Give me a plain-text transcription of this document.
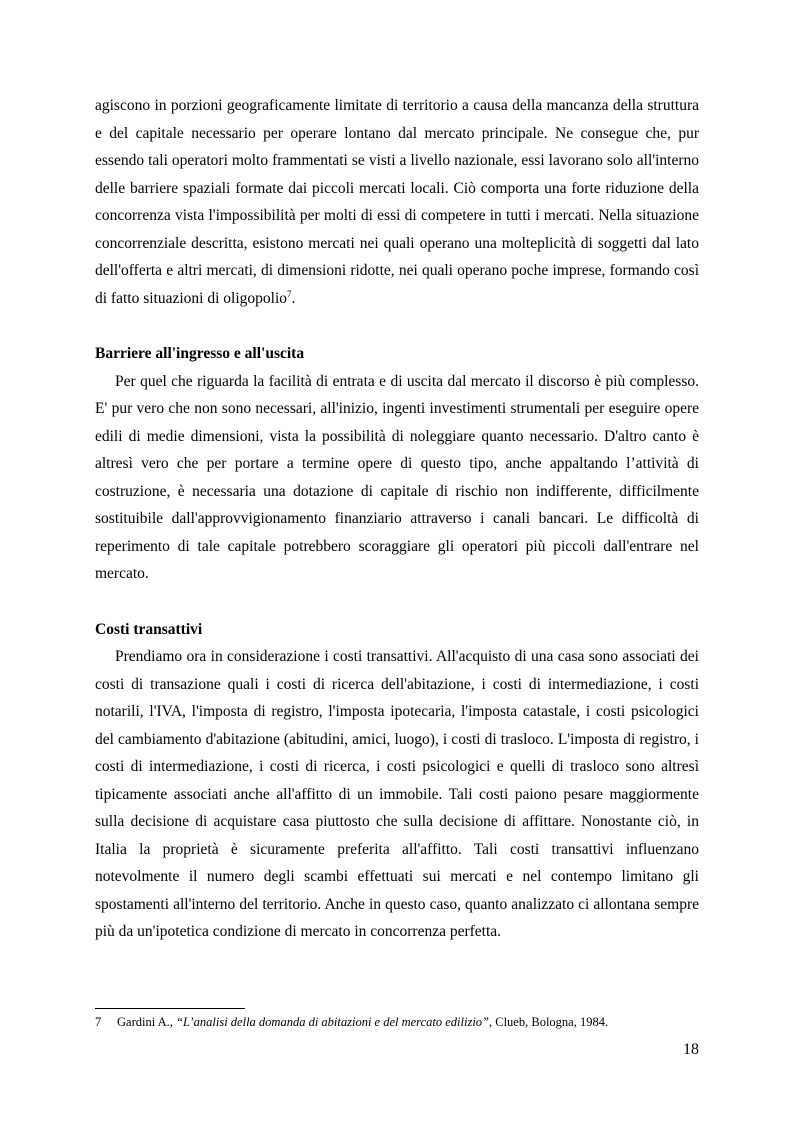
agiscono in porzioni geograficamente limitate di territorio a causa della mancanza della struttura e del capitale necessario per operare lontano dal mercato principale. Ne consegue che, pur essendo tali operatori molto frammentati se visti a livello nazionale, essi lavorano solo all'interno delle barriere spaziali formate dai piccoli mercati locali. Ciò comporta una forte riduzione della concorrenza vista l'impossibilità per molti di essi di competere in tutti i mercati. Nella situazione concorrenziale descritta, esistono mercati nei quali operano una molteplicità di soggetti dal lato dell'offerta e altri mercati, di dimensioni ridotte, nei quali operano poche imprese, formando così di fatto situazioni di oligopolio$^7$.

Barriere all'ingresso e all'uscita

Per quel che riguarda la facilità di entrata e di uscita dal mercato il discorso è più complesso. E' pur vero che non sono necessari, all'inizio, ingenti investimenti strumentali per eseguire opere edili di medie dimensioni, vista la possibilità di noleggiare quanto necessario. D'altro canto è altresì vero che per portare a termine opere di questo tipo, anche appaltando l’attività di costruzione, è necessaria una dotazione di capitale di rischio non indifferente, difficilmente sostituibile dall'approvvigionamento finanziario attraverso i canali bancari. Le difficoltà di reperimento di tale capitale potrebbero scoraggiare gli operatori più piccoli dall'entrare nel mercato.

Costi transattivi

Prendiamo ora in considerazione i costi transattivi. All'acquisto di una casa sono associati dei costi di transazione quali i costi di ricerca dell'abitazione, i costi di intermediazione, i costi notarili, l'IVA, l'imposta di registro, l'imposta ipotecaria, l'imposta catastale, i costi psicologici del cambiamento d'abitazione (abitudini, amici, luogo), i costi di trasloco. L'imposta di registro, i costi di intermediazione, i costi di ricerca, i costi psicologici e quelli di trasloco sono altresì tipicamente associati anche all'affitto di un immobile. Tali costi paiono pesare maggiormente sulla decisione di acquistare casa piuttosto che sulla decisione di affittare. Nonostante ciò, in Italia la proprietà è sicuramente preferita all'affitto. Tali costi transattivi influenzano notevolmente il numero degli scambi effettuati sui mercati e nel contempo limitano gli spostamenti all'interno del territorio. Anche in questo caso, quanto analizzato ci allontana sempre più da un'ipotetica condizione di mercato in concorrenza perfetta.

7 Gardini A., “L’analisi della domanda di abitazioni e del mercato edilizio”, Clueb, Bologna, 1984.
18
